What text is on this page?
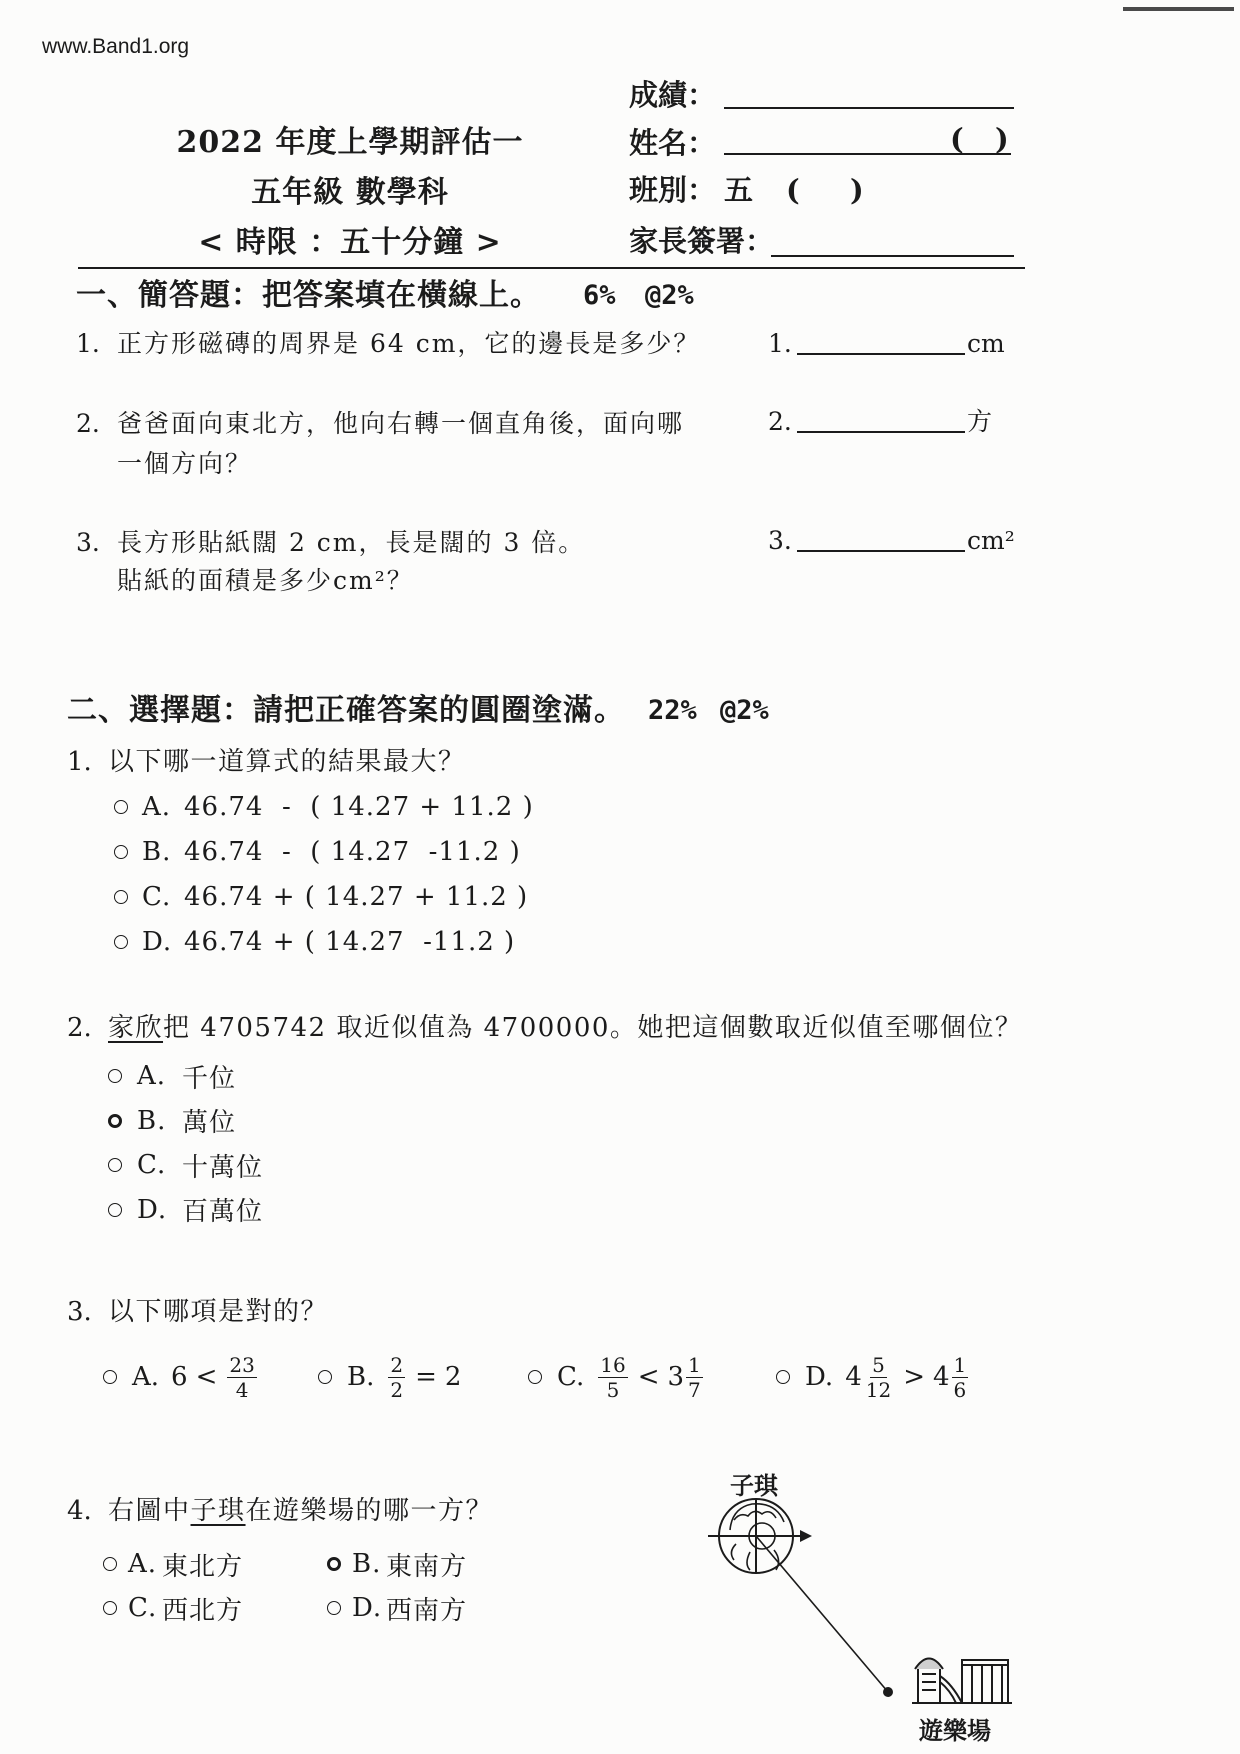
www.Band1.org
2022 年度上學期評估一
五年級 數學科
< 時限 ：五十分鐘 >
成績：
姓名：	( )
班別： 五 ( )
家長簽署：
一、簡答題：把答案填在橫線上。 6% @2%
1. 正方形磁磚的周界是 64 cm，它的邊長是多少？	1.	cm
2. 爸爸面向東北方，他向右轉一個直角後，面向哪
一個方向？
2.	方
3. 長方形貼紙闊 2 cm，長是闊的 3 倍。
貼紙的面積是多少cm²？
3.	cm²
二、選擇題：請把正確答案的圓圈塗滿。 22% @2%
1. 以下哪一道算式的結果最大？
A. 46.74  -  ( 14.27 + 11.2 )
B. 46.74  -  ( 14.27  -11.2 )
C. 46.74 + ( 14.27 + 11.2 )
D. 46.74 + ( 14.27  -11.2 )
2. 家欣 把 4705742 取近似值為 4700000。她把這個數取近似值至哪個位？
A. 千位
B. 萬位
C. 十萬位
D. 百萬位
3. 以下哪項是對的？
A. $6 < \frac{23}{4}$	B. $\frac{2}{2} = 2$	C. $\frac{16}{5} < 3 \frac{1}{7}$	D. $4 \frac{5}{12} > 4 \frac{1}{6}$
4. 右圖中 子琪 在遊樂場的哪一方？
A. 東北方
C. 西北方
B. 東南方
D. 西南方
子琪
遊樂場
